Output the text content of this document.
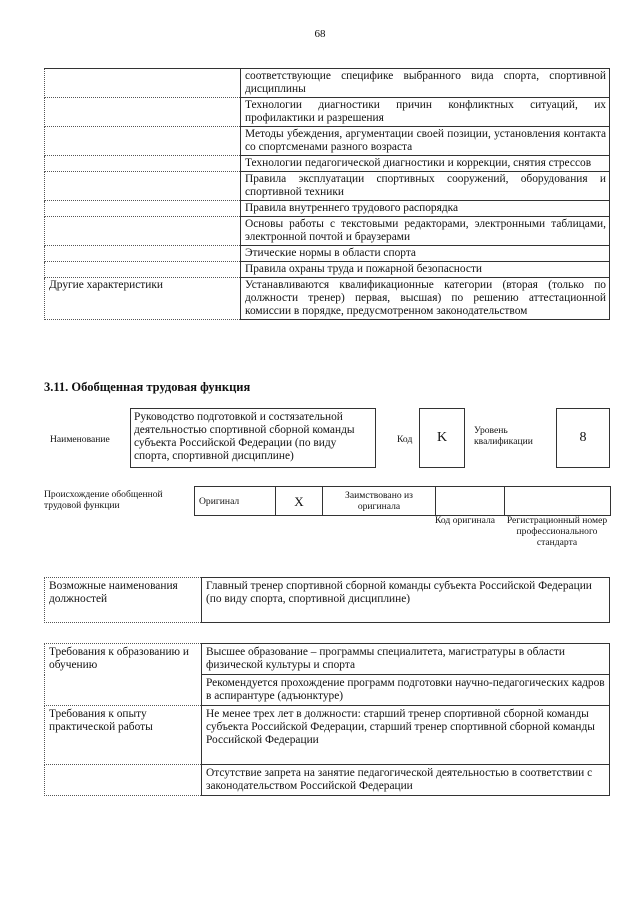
68
	соответствующие специфике выбранного вида спорта, спортивной дисциплины
	Технологии диагностики причин конфликтных ситуаций, их профилактики и разрешения
	Методы убеждения, аргументации своей позиции, установления контакта со спортсменами разного возраста
	Технологии педагогической диагностики и коррекции, снятия стрессов
	Правила эксплуатации спортивных сооружений, оборудования и спортивной техники
	Правила внутреннего трудового распорядка
	Основы работы с текстовыми редакторами, электронными таблицами, электронной почтой и браузерами
	Этические нормы в области спорта
	Правила охраны труда и пожарной безопасности
Другие характеристики	Устанавливаются квалификационные категории (вторая (только по должности тренер) первая, высшая) по решению аттестационной комиссии в порядке, предусмотренном законодательством
3.11. Обобщенная трудовая функция
Наименование
Руководство подготовкой и состязательной деятельностью спортивной сборной команды субъекта Российской Федерации (по виду спорта, спортивной дисциплине)
Код	K	Уровень квалификации	8
Происхождение обобщенной трудовой функции	Оригинал	X	Заимствовано из оригинала		
Код оригинала	Регистрационный номер профессионального стандарта
Возможные наименования должностей	Главный тренер спортивной сборной команды субъекта Российской Федерации (по виду спорта, спортивной дисциплине)
Требования к образованию и обучению	Высшее образование – программы специалитета, магистратуры в области физической культуры и спорта
	Рекомендуется прохождение программ подготовки научно-педагогических кадров в аспирантуре (адъюнктуре)
Требования к опыту практической работы	Не менее трех лет в должности: старший тренер спортивной сборной команды субъекта Российской Федерации, старший тренер спортивной сборной команды Российской Федерации
	Отсутствие запрета на занятие педагогической деятельностью в соответствии с законодательством Российской Федерации
